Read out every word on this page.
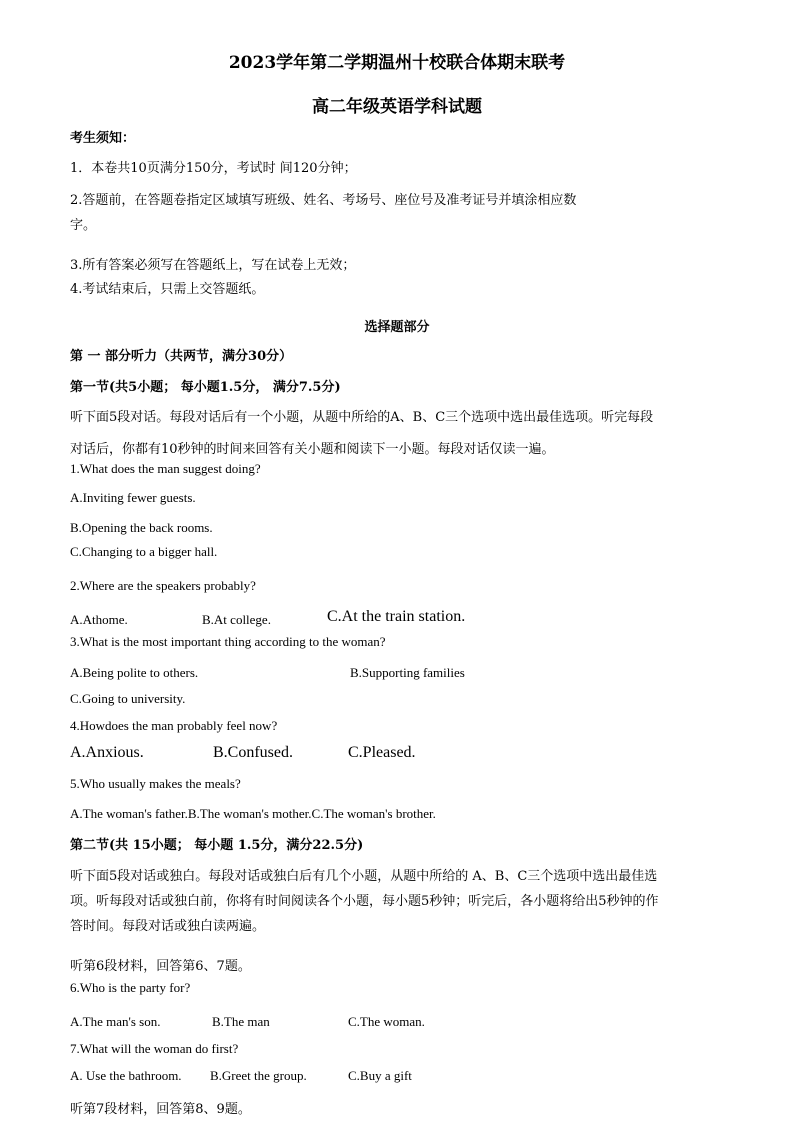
2023学年第二学期温州十校联合体期末联考
高二年级英语学科试题
考生须知：
1．本卷共10页满分150分，考试时 间120分钟；
2.答题前，在答题卷指定区域填写班级、姓名、考场号、座位号及准考证号并填涂相应数
字。
3.所有答案必须写在答题纸上，写在试卷上无效；
4.考试结束后，只需上交答题纸。
选择题部分
第 一 部分听力（共两节，满分30分）
第一节(共5小题； 每小题1.5分， 满分7.5分)
听下面5段对话。每段对话后有一个小题，从题中所给的A、B、C三个选项中选出最佳选项。听完每段
对话后，你都有10秒钟的时间来回答有关小题和阅读下一小题。每段对话仅读一遍。
1.What does the man suggest doing?
A.Inviting fewer guests.
B.Opening the back rooms.
C.Changing to a bigger hall.
2.Where are the speakers probably?
A.Athome.	B.At college.	C.At the train station.
3.What is the most important thing according to the woman?
A.Being polite to others.	B.Supporting families
C.Going to university.
4.Howdoes the man probably feel now?
A.Anxious.	B.Confused.	C.Pleased.
5.Who usually makes the meals?
A.The woman's father.B.The woman's mother.C.The woman's brother.
第二节(共 15小题； 每小题 1.5分，满分22.5分)
听下面5段对话或独白。每段对话或独白后有几个小题，从题中所给的 A、B、C三个选项中选出最佳选
项。听每段对话或独白前，你将有时间阅读各个小题，每小题5秒钟；听完后，各小题将给出5秒钟的作
答时间。每段对话或独白读两遍。
听第6段材料，回答第6、7题。
6.Who is the party for?
A.The man's son.	B.The man	C.The woman.
7.What will the woman do first?
A. Use the bathroom. B.Greet the group.	C.Buy a gift
听第7段材料，回答第8、9题。
